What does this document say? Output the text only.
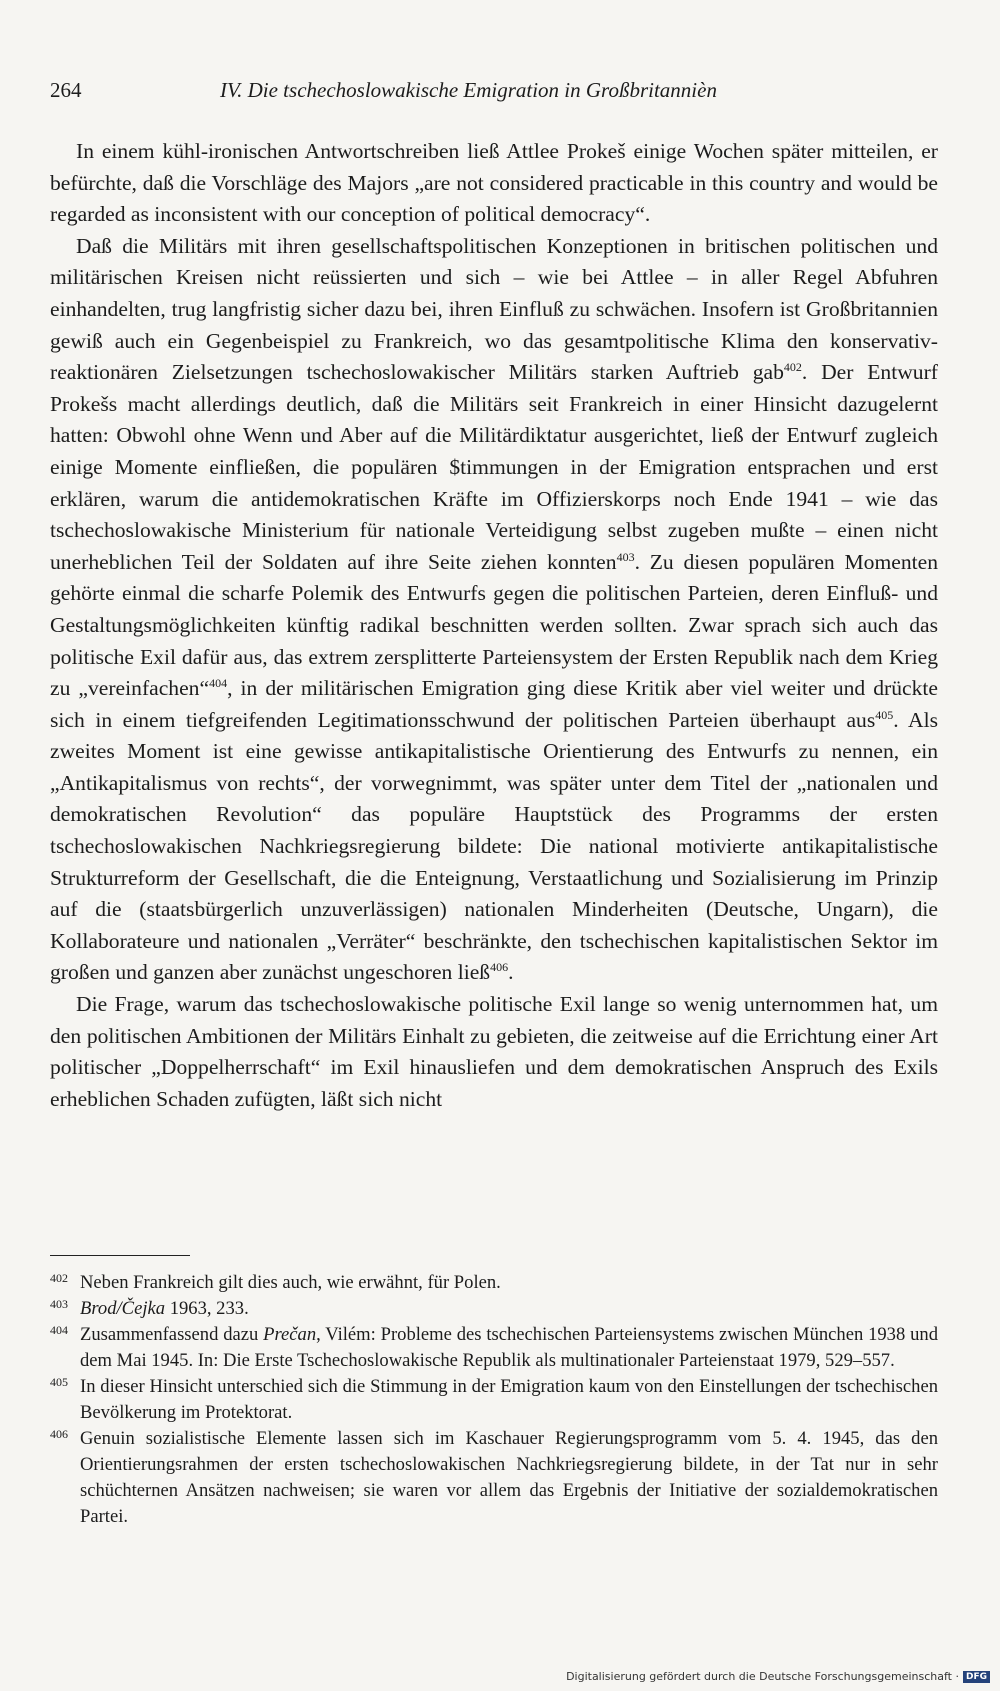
264	IV. Die tschechoslowakische Emigration in Großbritannièn

In einem kühl-ironischen Antwortschreiben ließ Attlee Prokeš einige Wochen später mitteilen, er befürchte, daß die Vorschläge des Majors „are not considered practicable in this country and would be regarded as inconsistent with our conception of political democracy“.

Daß die Militärs mit ihren gesellschaftspolitischen Konzeptionen in britischen politischen und militärischen Kreisen nicht reüssierten und sich – wie bei Attlee – in aller Regel Abfuhren einhandelten, trug langfristig sicher dazu bei, ihren Einfluß zu schwächen. Insofern ist Großbritannien gewiß auch ein Gegenbeispiel zu Frankreich, wo das gesamtpolitische Klima den konservativ-reaktionären Zielsetzungen tschechoslowakischer Militärs starken Auftrieb gab$^{402}$. Der Entwurf Prokešs macht allerdings deutlich, daß die Militärs seit Frankreich in einer Hinsicht dazugelernt hatten: Obwohl ohne Wenn und Aber auf die Militärdiktatur ausgerichtet, ließ der Entwurf zugleich einige Momente einfließen, die populären $timmungen in der Emigration entsprachen und erst erklären, warum die antidemokratischen Kräfte im Offizierskorps noch Ende 1941 – wie das tschechoslowakische Ministerium für nationale Verteidigung selbst zugeben mußte – einen nicht unerheblichen Teil der Soldaten auf ihre Seite ziehen konnten$^{403}$. Zu diesen populären Momenten gehörte einmal die scharfe Polemik des Entwurfs gegen die politischen Parteien, deren Einfluß- und Gestaltungsmöglichkeiten künftig radikal beschnitten werden sollten. Zwar sprach sich auch das politische Exil dafür aus, das extrem zersplitterte Parteiensystem der Ersten Republik nach dem Krieg zu „vereinfachen“$^{404}$, in der militärischen Emigration ging diese Kritik aber viel weiter und drückte sich in einem tiefgreifenden Legitimationsschwund der politischen Parteien überhaupt aus$^{405}$. Als zweites Moment ist eine gewisse antikapitalistische Orientierung des Entwurfs zu nennen, ein „Antikapitalismus von rechts“, der vorwegnimmt, was später unter dem Titel der „nationalen und demokratischen Revolution“ das populäre Hauptstück des Programms der ersten tschechoslowakischen Nachkriegsregierung bildete: Die national motivierte antikapitalistische Strukturreform der Gesellschaft, die die Enteignung, Verstaatlichung und Sozialisierung im Prinzip auf die (staatsbürgerlich unzuverlässigen) nationalen Minderheiten (Deutsche, Ungarn), die Kollaborateure und nationalen „Verräter“ beschränkte, den tschechischen kapitalistischen Sektor im großen und ganzen aber zunächst ungeschoren ließ$^{406}$.

Die Frage, warum das tschechoslowakische politische Exil lange so wenig unternommen hat, um den politischen Ambitionen der Militärs Einhalt zu gebieten, die zeitweise auf die Errichtung einer Art politischer „Doppelherrschaft“ im Exil hinausliefen und dem demokratischen Anspruch des Exils erheblichen Schaden zufügten, läßt sich nicht

402 Neben Frankreich gilt dies auch, wie erwähnt, für Polen.
403 Brod/Čejka 1963, 233.
404 Zusammenfassend dazu Prečan, Vilém: Probleme des tschechischen Parteiensystems zwischen München 1938 und dem Mai 1945. In: Die Erste Tschechoslowakische Republik als multinationaler Parteienstaat 1979, 529–557.
405 In dieser Hinsicht unterschied sich die Stimmung in der Emigration kaum von den Einstellungen der tschechischen Bevölkerung im Protektorat.
406 Genuin sozialistische Elemente lassen sich im Kaschauer Regierungsprogramm vom 5. 4. 1945, das den Orientierungsrahmen der ersten tschechoslowakischen Nachkriegsregierung bildete, in der Tat nur in sehr schüchternen Ansätzen nachweisen; sie waren vor allem das Ergebnis der Initiative der sozialdemokratischen Partei.
Digitalisierung gefördert durch die Deutsche Forschungsgemeinschaft · DFG
